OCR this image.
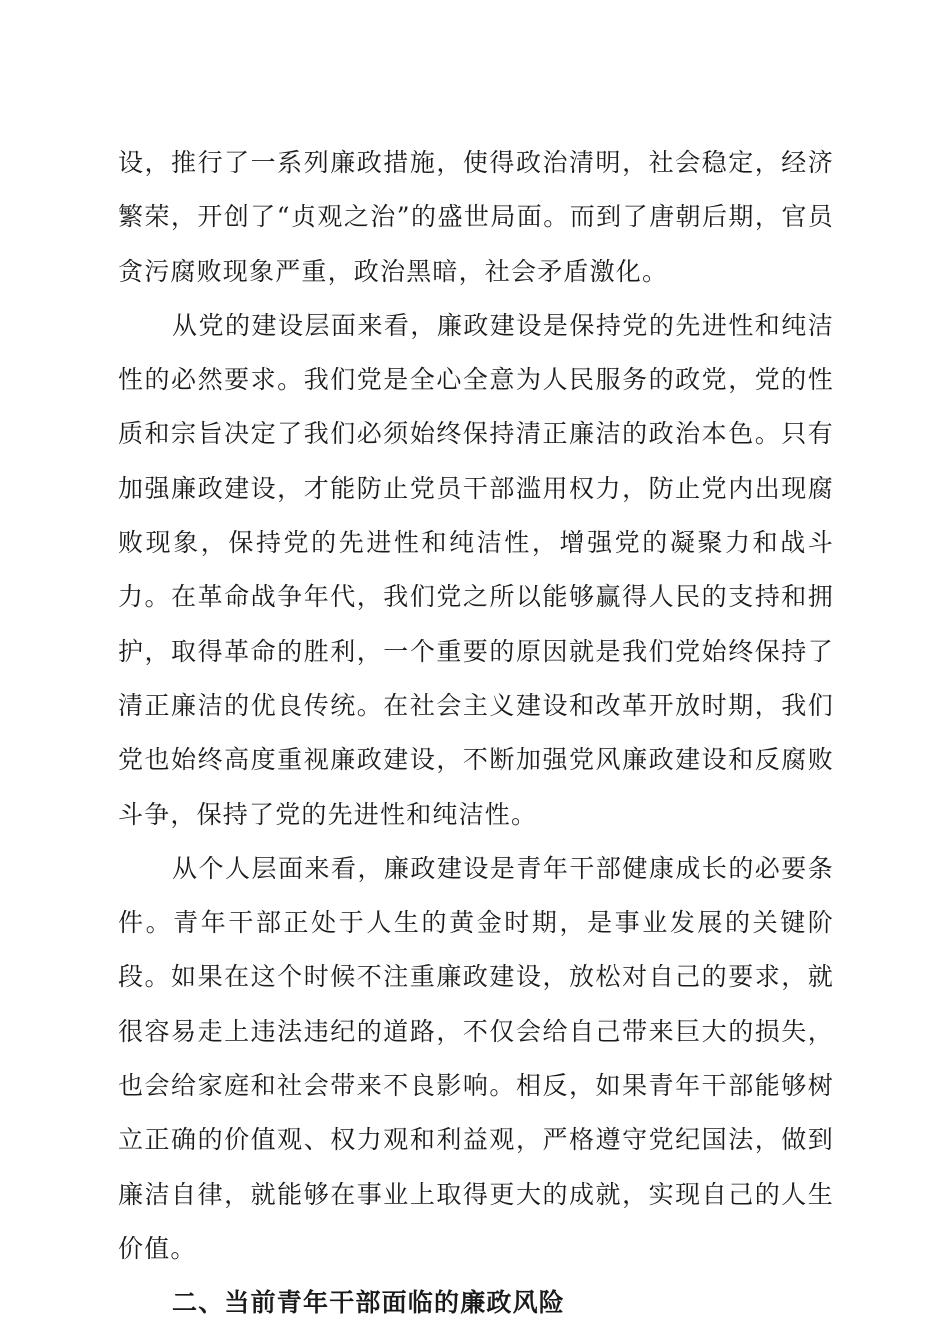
设，推行了一系列廉政措施，使得政治清明，社会稳定，经济繁荣，开创了“贞观之治”的盛世局面。而到了唐朝后期，官员贪污腐败现象严重，政治黑暗，社会矛盾激化。

从党的建设层面来看，廉政建设是保持党的先进性和纯洁性的必然要求。我们党是全心全意为人民服务的政党，党的性质和宗旨决定了我们必须始终保持清正廉洁的政治本色。只有加强廉政建设，才能防止党员干部滥用权力，防止党内出现腐败现象，保持党的先进性和纯洁性，增强党的凝聚力和战斗力。在革命战争年代，我们党之所以能够赢得人民的支持和拥护，取得革命的胜利，一个重要的原因就是我们党始终保持了清正廉洁的优良传统。在社会主义建设和改革开放时期，我们党也始终高度重视廉政建设，不断加强党风廉政建设和反腐败斗争，保持了党的先进性和纯洁性。

从个人层面来看，廉政建设是青年干部健康成长的必要条件。青年干部正处于人生的黄金时期，是事业发展的关键阶段。如果在这个时候不注重廉政建设，放松对自己的要求，就很容易走上违法违纪的道路，不仅会给自己带来巨大的损失，也会给家庭和社会带来不良影响。相反，如果青年干部能够树立正确的价值观、权力观和利益观，严格遵守党纪国法，做到廉洁自律，就能够在事业上取得更大的成就，实现自己的人生价值。

二、当前青年干部面临的廉政风险
